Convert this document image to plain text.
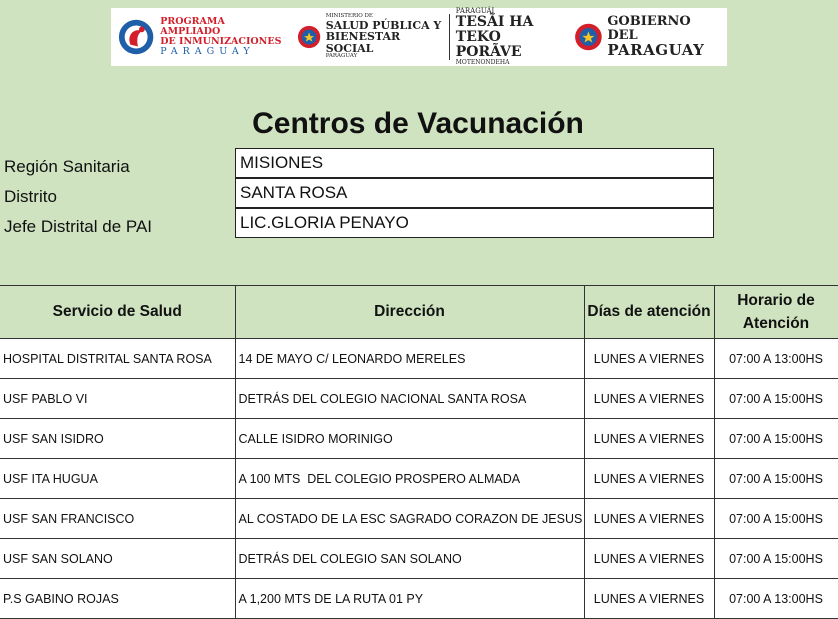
PROGRAMA AMPLIADO
DE INMUNIZACIONES
PARAGUAY
MINISTERIO DE
SALUD PÚBLICA Y
BIENESTAR SOCIAL
PARAGUAY
PARAGUÁI
TESÃI HA TEKO
PORÃVE
MOTENONDEHA
GOBIERNO DEL
PARAGUAY
Centros de Vacunación
Región Sanitaria	MISIONES
Distrito	SANTA ROSA
Jefe Distrital de PAI	LIC.GLORIA PENAYO
Servicio de Salud	Dirección	Días de atención	Horario de Atención
HOSPITAL DISTRITAL SANTA ROSA	14 DE MAYO C/ LEONARDO MERELES	LUNES A VIERNES	07:00 A 13:00HS
USF PABLO VI	DETRÁS DEL COLEGIO NACIONAL SANTA ROSA	LUNES A VIERNES	07:00 A 15:00HS
USF SAN ISIDRO	CALLE ISIDRO MORINIGO	LUNES A VIERNES	07:00 A 15:00HS
USF ITA HUGUA	A 100 MTS  DEL COLEGIO PROSPERO ALMADA	LUNES A VIERNES	07:00 A 15:00HS
USF SAN FRANCISCO	AL COSTADO DE LA ESC SAGRADO CORAZON DE JESUS	LUNES A VIERNES	07:00 A 15:00HS
USF SAN SOLANO	DETRÁS DEL COLEGIO SAN SOLANO	LUNES A VIERNES	07:00 A 15:00HS
P.S GABINO ROJAS	A 1,200 MTS DE LA RUTA 01 PY	LUNES A VIERNES	07:00 A 13:00HS
